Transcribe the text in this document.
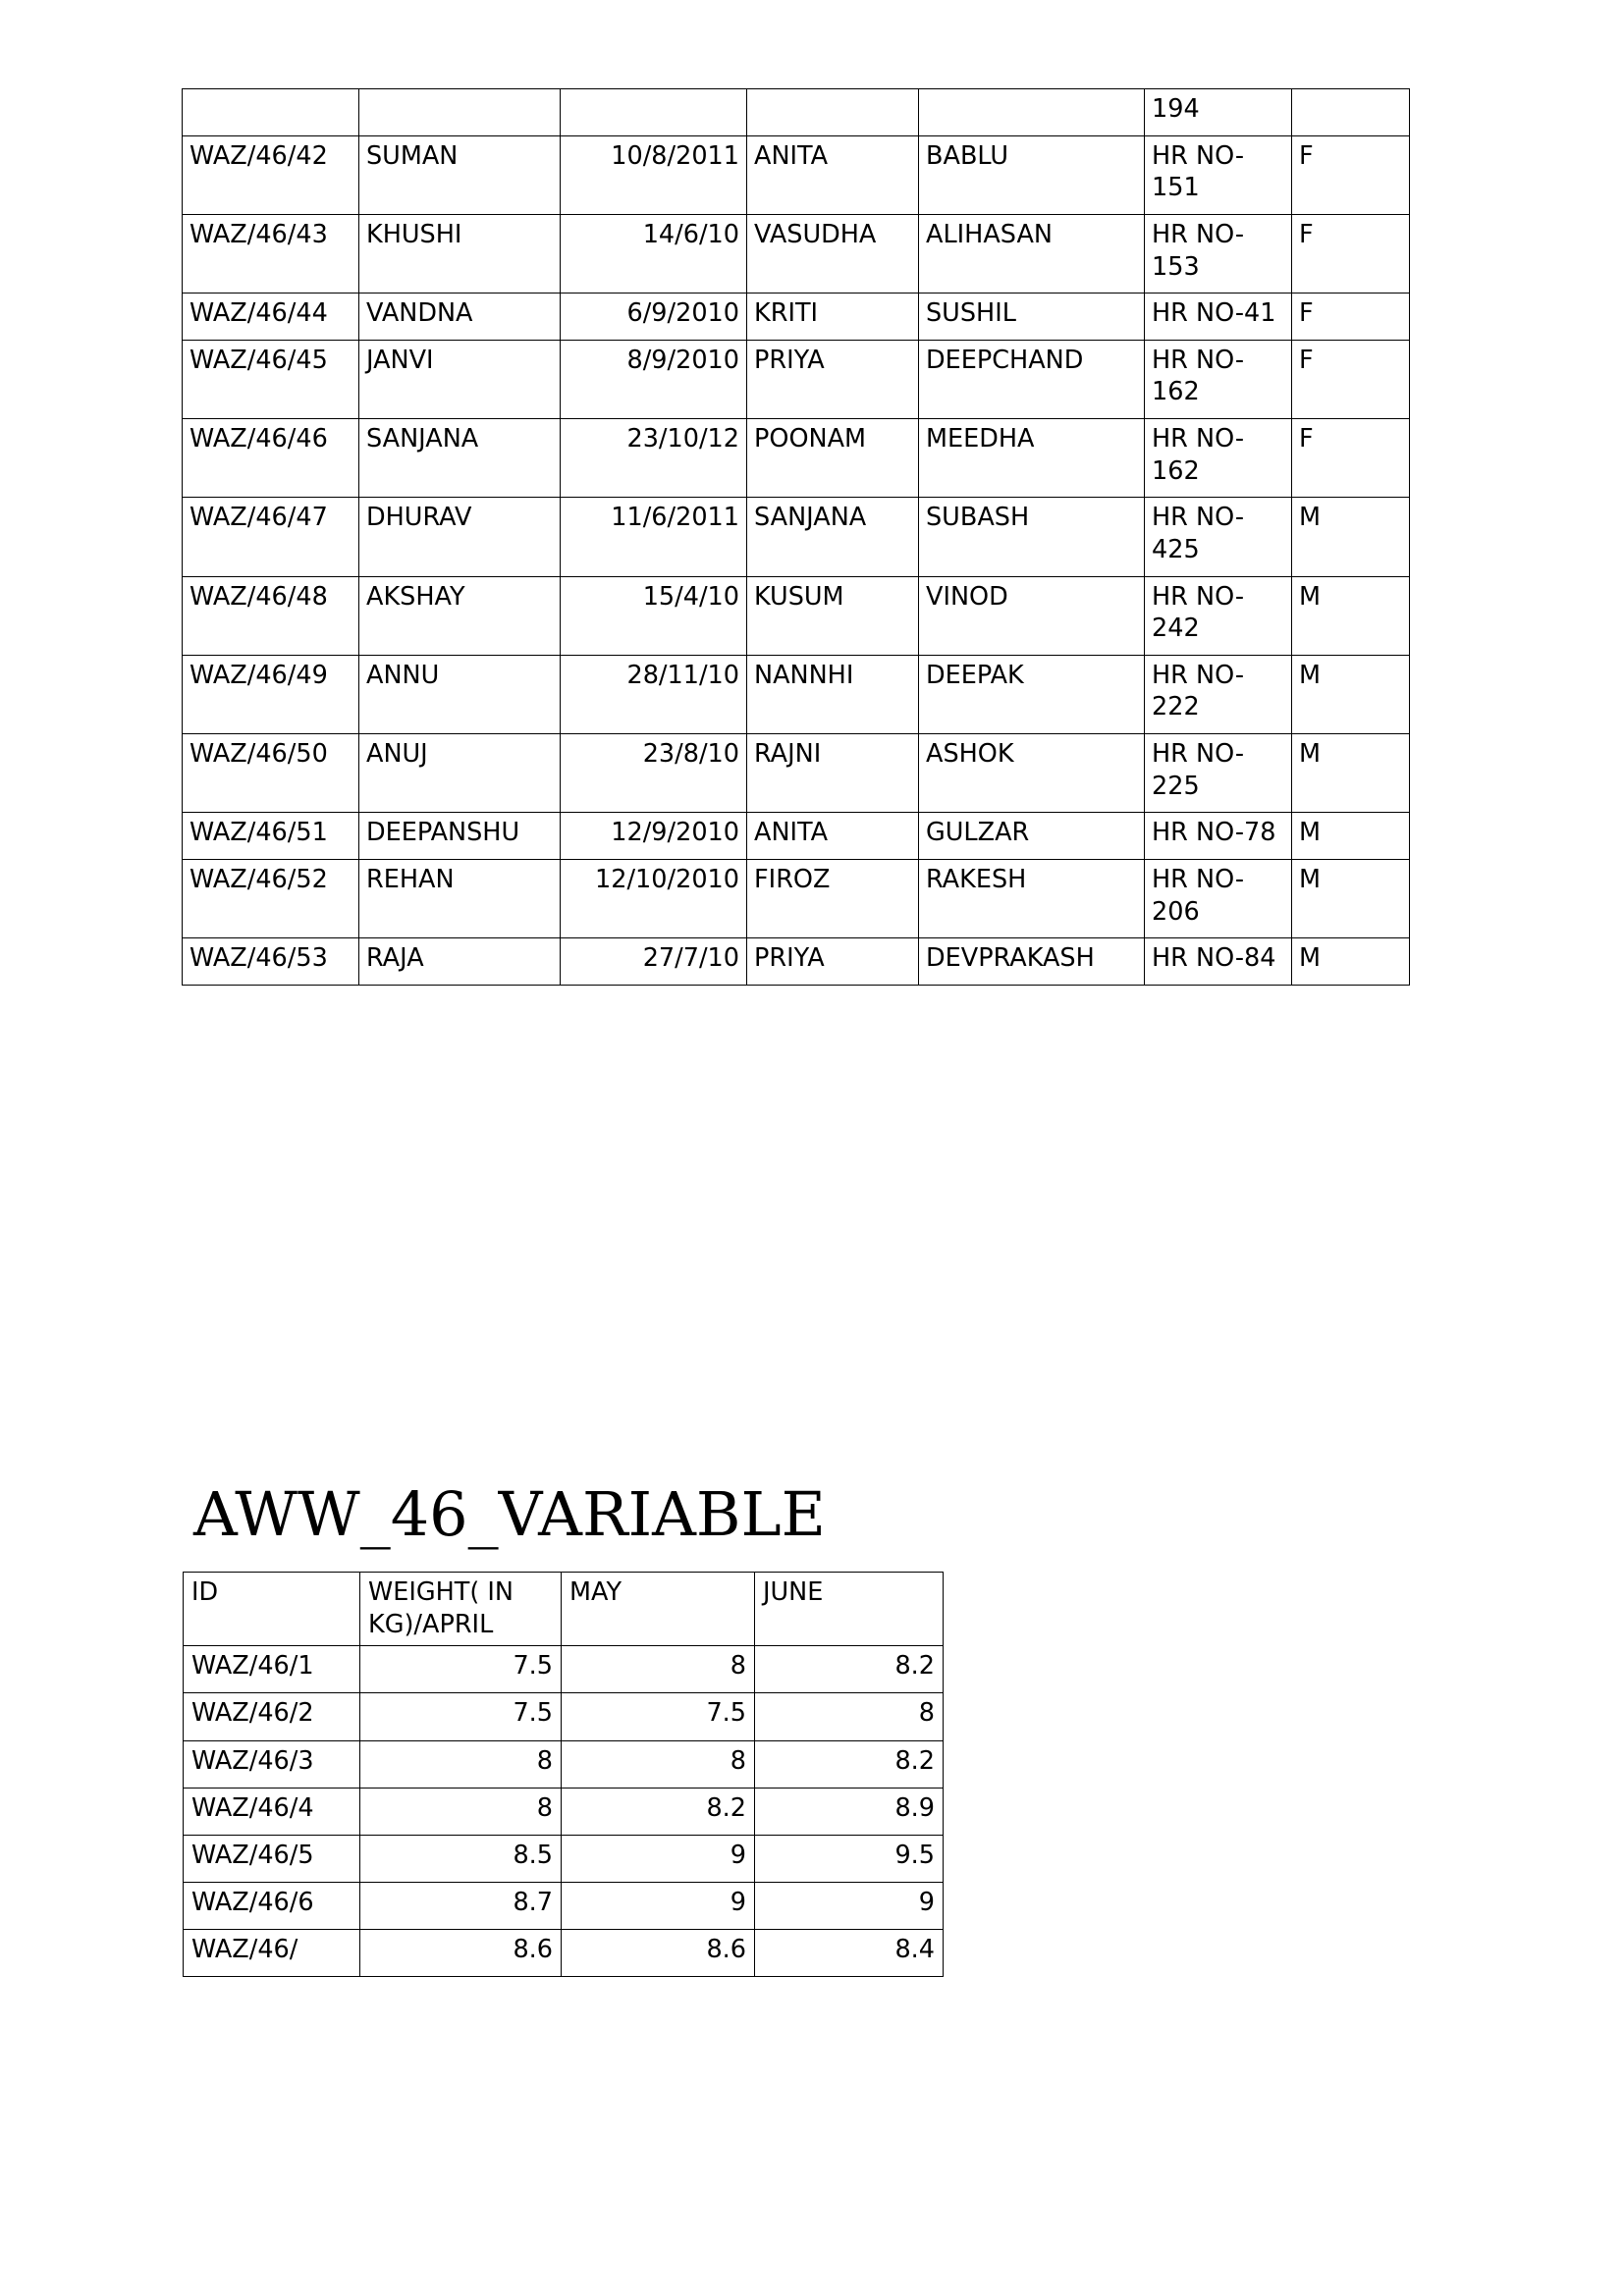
					194	
WAZ/46/42	SUMAN	10/8/2011	ANITA	BABLU	HR NO-151	F
WAZ/46/43	KHUSHI	14/6/10	VASUDHA	ALIHASAN	HR NO-153	F
WAZ/46/44	VANDNA	6/9/2010	KRITI	SUSHIL	HR NO-41	F
WAZ/46/45	JANVI	8/9/2010	PRIYA	DEEPCHAND	HR NO-162	F
WAZ/46/46	SANJANA	23/10/12	POONAM	MEEDHA	HR NO-162	F
WAZ/46/47	DHURAV	11/6/2011	SANJANA	SUBASH	HR NO-425	M
WAZ/46/48	AKSHAY	15/4/10	KUSUM	VINOD	HR NO-242	M
WAZ/46/49	ANNU	28/11/10	NANNHI	DEEPAK	HR NO-222	M
WAZ/46/50	ANUJ	23/8/10	RAJNI	ASHOK	HR NO-225	M
WAZ/46/51	DEEPANSHU	12/9/2010	ANITA	GULZAR	HR NO-78	M
WAZ/46/52	REHAN	12/10/2010	FIROZ	RAKESH	HR NO-206	M
WAZ/46/53	RAJA	27/7/10	PRIYA	DEVPRAKASH	HR NO-84	M
AWW_46_VARIABLE
ID	WEIGHT( IN KG)/APRIL	MAY	JUNE
WAZ/46/1	7.5	8	8.2
WAZ/46/2	7.5	7.5	8
WAZ/46/3	8	8	8.2
WAZ/46/4	8	8.2	8.9
WAZ/46/5	8.5	9	9.5
WAZ/46/6	8.7	9	9
WAZ/46/	8.6	8.6	8.4
